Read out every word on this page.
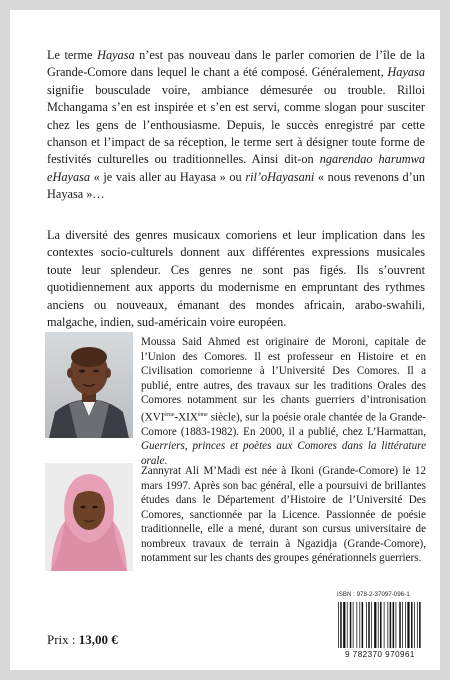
Le terme Hayasa n’est pas nouveau dans le parler comorien de l’île de la Grande-Comore dans lequel le chant a été composé. Généralement, Hayasa signifie bousculade voire, ambiance démesurée ou trouble. Rilloi Mchangama s’en est inspirée et s’en est servi, comme slogan pour susciter chez les gens de l’enthousiasme. Depuis, le succès enregistré par cette chanson et l’impact de sa réception, le terme sert à désigner toute forme de festivités culturelles ou traditionnelles. Ainsi dit-on ngarendao harumwa eHayasa « je vais aller au Hayasa » ou ril’oHayasani « nous revenons d’un Hayasa »…

La diversité des genres musicaux comoriens et leur implication dans les contextes socio-culturels donnent aux différentes expressions musicales toute leur splendeur. Ces genres ne sont pas figés. Ils s’ouvrent quotidiennement aux apports du modernisme en empruntant des rythmes anciens ou nouveaux, émanant des mondes africain, arabo-swahili, malgache, indien, sud-américain voire européen.

Moussa Said Ahmed est originaire de Moroni, capitale de l’Union des Comores. Il est professeur en Histoire et en Civilisation comorienne à l’Université Des Comores. Il a publié, entre autres, des travaux sur les traditions Orales des Comores notamment sur les chants guerriers d’intronisation (XVIème-XIXème siècle), sur la poésie orale chantée de la Grande-Comore (1883-1982). En 2000, il a publié, chez L’Harmattan, Guerriers, princes et poètes aux Comores dans la littérature orale.

Zannyrat Ali M’Madi est née à Ikoni (Grande-Comore) le 12 mars 1997. Après son bac général, elle a poursuivi de brillantes études dans le Département d’Histoire de l’Université Des Comores, sanctionnée par la Licence. Passionnée de poésie traditionnelle, elle a mené, durant son cursus universitaire de nombreux travaux de terrain à Ngazidja (Grande-Comore), notamment sur les chants des groupes générationnels guerriers.

ISBN : 978-2-37097-096-1
9 782370 970961
Prix : 13,00 €
